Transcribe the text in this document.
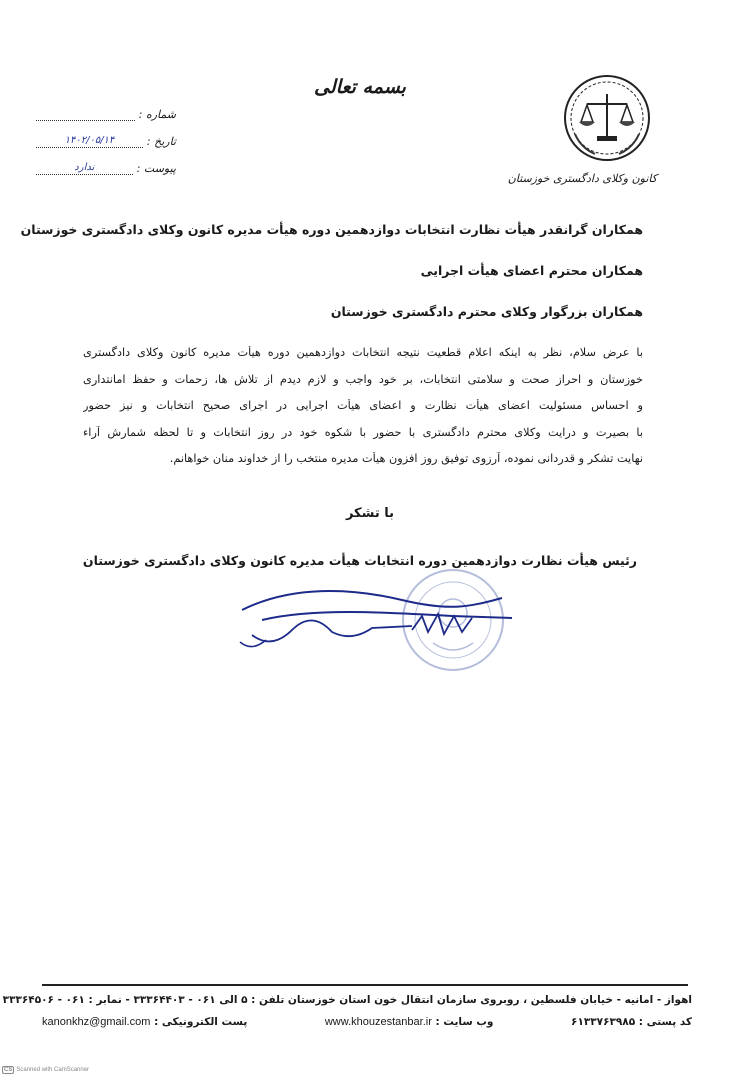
کانون وکلای دادگستری خوزستان
بسمه تعالی
شماره :
تاریخ :
۱۴۰۲/۰۵/۱۴
پیوست :
ندارد
همکاران گرانقدر هیأت نظارت انتخابات دوازدهمین دوره هیأت مدیره کانون وکلای دادگستری خوزستان
همکاران محترم اعضای هیأت اجرایی
همکاران بزرگوار وکلای محترم دادگستری خوزستان
با عرض سلام، نظر به اینکه اعلام قطعیت نتیجه انتخابات دوازدهمین دوره هیأت مدیره کانون وکلای دادگستری
خوزستان و احراز صحت و سلامتی انتخابات، بر خود واجب و لازم دیدم از تلاش ها، زحمات و حفظ امانتداری
و احساس مسئولیت اعضای هیأت نظارت و اعضای هیأت اجرایی در اجرای صحیح انتخابات و نیز حضور
با بصیرت و درایت وکلای محترم دادگستری با حضور با شکوه خود در روز انتخابات و تا لحظه شمارش آراء
نهایت تشکر و قدردانی نموده، آرزوی توفیق روز افزون هیأت مدیره منتخب را از خداوند منان خواهانم.
با تشکر
رئیس هیأت نظارت دوازدهمین دوره انتخابات هیأت مدیره کانون وکلای دادگستری خوزستان
اهواز - امانیه - خیابان فلسطین ، روبروی سازمان انتقال خون استان خوزستان تلفن : ۵ الی ۰۶۱ - ۳۳۳۶۴۴۰۳ - نمابر : ۰۶۱ - ۳۳۳۶۴۵۰۶
کد پستی : ۶۱۳۳۷۶۳۹۸۵
وب سایت : www.khouzestanbar.ir
پست الکترونیکی : kanonkhz@gmail.com
CS Scanned with CamScanner
